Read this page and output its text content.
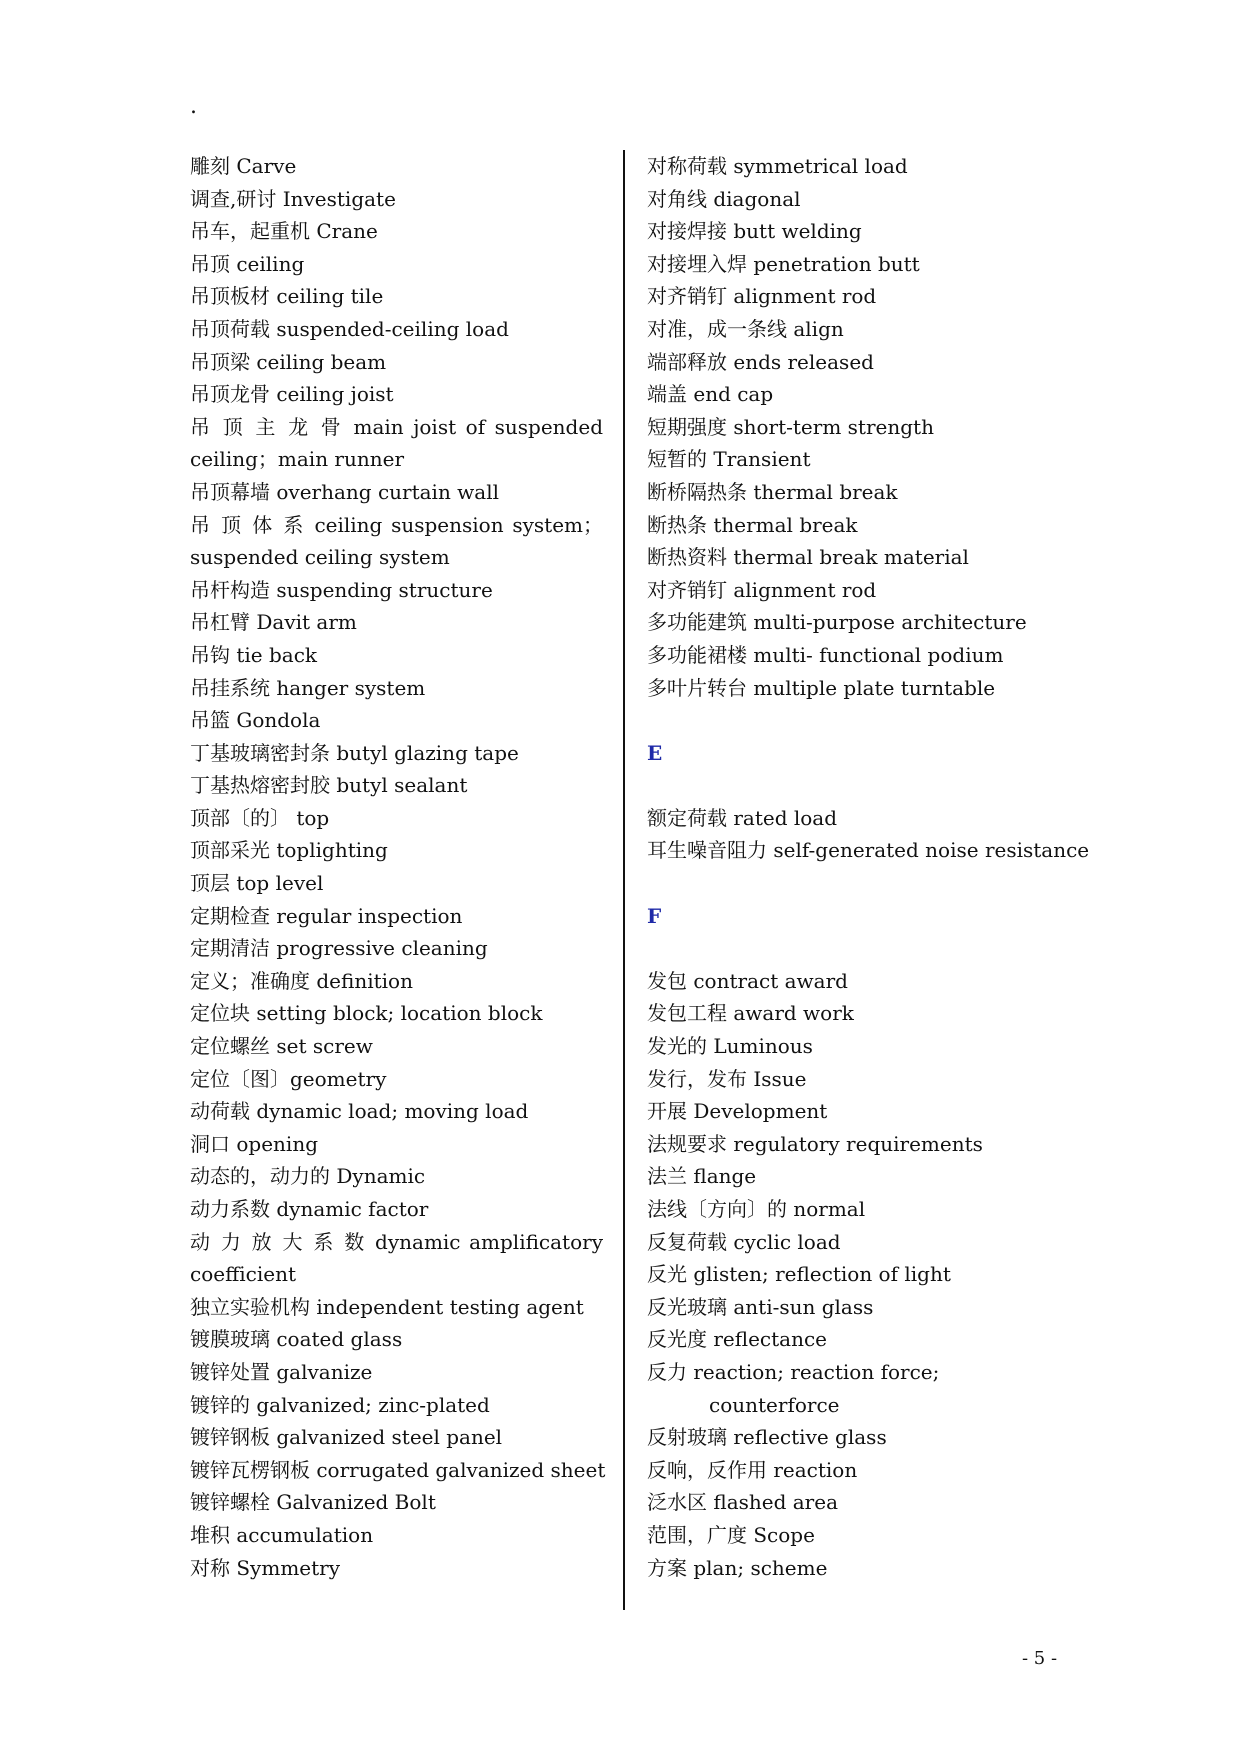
.
雕刻 Carve
调查,研讨 Investigate
吊车，起重机 Crane
吊顶 ceiling
吊顶板材 ceiling tile
吊顶荷载 suspended-ceiling load
吊顶梁 ceiling beam
吊顶龙骨 ceiling joist
吊 顶 主 龙 骨 main joist of suspended ceiling；main runner
吊顶幕墙 overhang curtain wall
吊 顶 体 系 ceiling suspension system；suspended ceiling system
吊杆构造 suspending structure
吊杠臂 Davit arm
吊钩 tie back
吊挂系统 hanger system
吊篮 Gondola
丁基玻璃密封条 butyl glazing tape
丁基热熔密封胶 butyl sealant
顶部〔的〕 top
顶部采光 toplighting
顶层 top level
定期检查 regular inspection
定期清洁 progressive cleaning
定义；准确度 definition
定位块 setting block; location block
定位螺丝 set screw
定位〔图〕geometry
动荷载 dynamic load; moving load
洞口 opening
动态的，动力的 Dynamic
动力系数 dynamic factor
动 力 放 大 系 数 dynamic amplificatory coefficient
独立实验机构 independent testing agent
镀膜玻璃 coated glass
镀锌处置 galvanize
镀锌的 galvanized; zinc-plated
镀锌钢板 galvanized steel panel
镀锌瓦楞钢板 corrugated galvanized sheet
镀锌螺栓 Galvanized Bolt
堆积 accumulation
对称 Symmetry
对称荷载 symmetrical load
对角线 diagonal
对接焊接 butt welding
对接埋入焊 penetration butt
对齐销钉 alignment rod
对准，成一条线 align
端部释放 ends released
端盖 end cap
短期强度 short-term strength
短暂的 Transient
断桥隔热条 thermal break
断热条 thermal break
断热资料 thermal break material
对齐销钉 alignment rod
多功能建筑 multi-purpose architecture
多功能裙楼 multi- functional podium
多叶片转台 multiple plate turntable
E
额定荷载 rated load
耳生噪音阻力 self-generated noise resistance
F
发包 contract award
发包工程 award work
发光的 Luminous
发行，发布 Issue
开展 Development
法规要求 regulatory requirements
法兰 flange
法线〔方向〕的 normal
反复荷载 cyclic load
反光 glisten; reflection of light
反光玻璃 anti-sun glass
反光度 reflectance
反力 reaction; reaction force;
counterforce
反射玻璃 reflective glass
反响，反作用 reaction
泛水区 flashed area
范围，广度 Scope
方案 plan; scheme
- 5 -
